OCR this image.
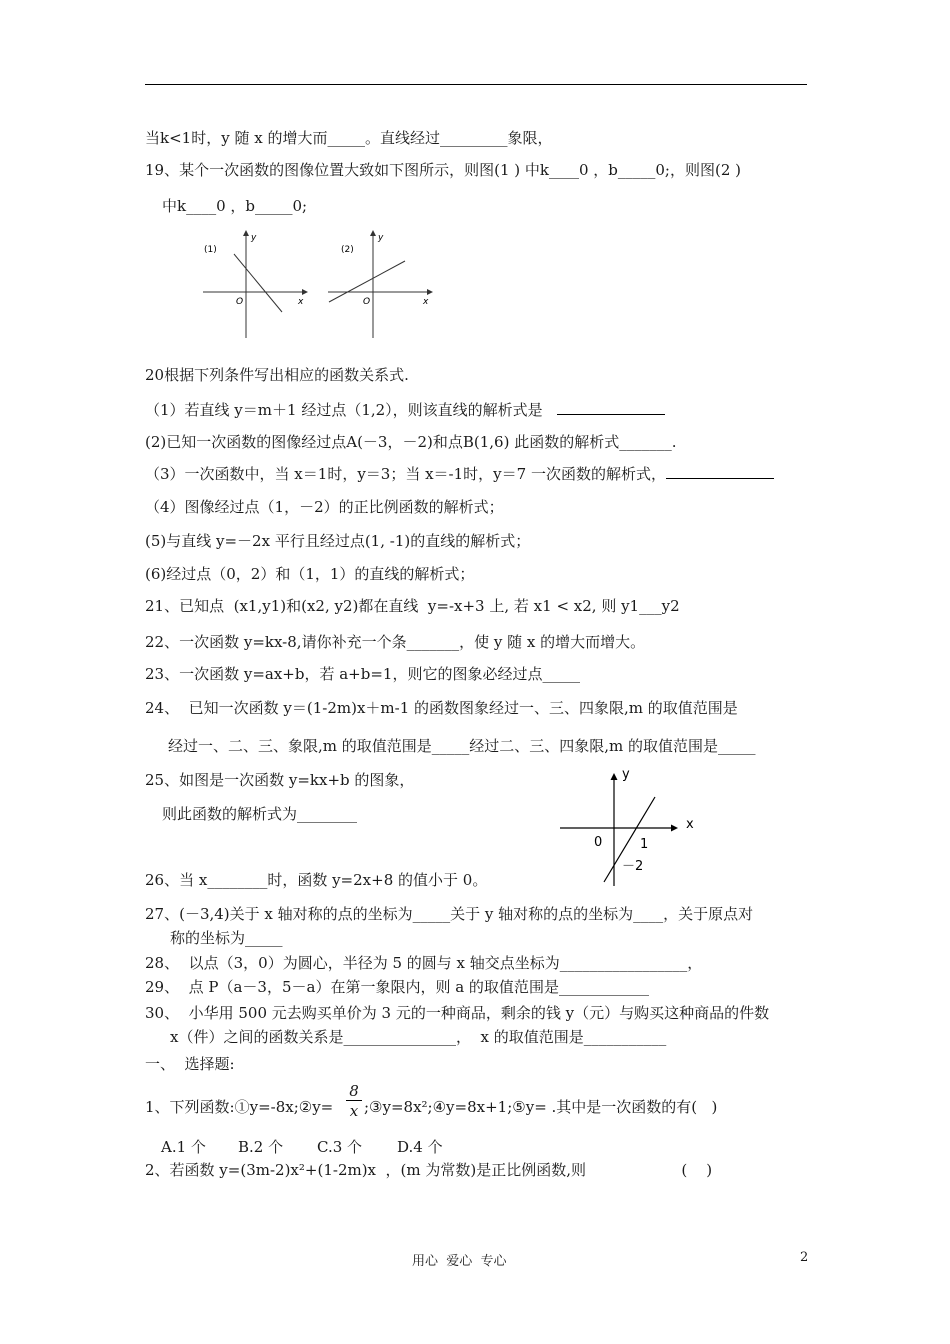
当k<1时，y 随 x 的增大而_____。直线经过_________象限，
19、某个一次函数的图像位置大致如下图所示，则图(1 ) 中k____0 ，b_____0;，则图(2 )
中k____0 ，b_____0;
(1)
y
x
O
(2)
y
x
O
20根据下列条件写出相应的函数关系式.
（1）若直线 y＝m＋1 经过点（1,2），则该直线的解析式是
(2)已知一次函数的图像经过点A(－3，－2)和点B(1,6) 此函数的解析式_______.
（3）一次函数中，当 x＝1时，y＝3；当 x＝-1时，y＝7 一次函数的解析式，
（4）图像经过点（1，－2）的正比例函数的解析式；
(5)与直线 y=－2x 平行且经过点(1, -1)的直线的解析式；
(6)经过点（0，2）和（1，1）的直线的解析式；
21、已知点  (x1,y1)和(x2, y2)都在直线  y=-x+3 上, 若 x1 < x2, 则 y1___y2
22、一次函数 y=kx-8,请你补充一个条_______，使 y 随 x 的增大而增大。
23、一次函数 y=ax+b，若 a+b=1，则它的图象必经过点_____
24、  已知一次函数 y＝(1-2m)x＋m-1 的函数图象经过一、三、四象限,m 的取值范围是
经过一、二、三、象限,m 的取值范围是_____经过二、三、四象限,m 的取值范围是_____
25、如图是一次函数 y=kx+b 的图象，
则此函数的解析式为________
y
x
0	1
－2
26、当 x________时，函数 y=2x+8 的值小于 0。
27、(－3,4)关于 x 轴对称的点的坐标为_____关于 y 轴对称的点的坐标为____，关于原点对
称的坐标为_____
28、  以点（3，0）为圆心，半径为 5 的圆与 x 轴交点坐标为_________________，
29、  点 P（a－3，5－a）在第一象限内，则 a 的取值范围是____________
30、  小华用 500 元去购买单价为 3 元的一种商品，剩余的钱 y（元）与购买这种商品的件数
x（件）之间的函数关系是_______________，  x 的取值范围是___________
一、  选择题:
1、下列函数:①y=-8x;②y=
8
x ;③y=8x²;④y=8x+1;⑤y= .其中是一次函数的有(   )
A.1 个 B.2 个 C.3 个 D.4 个
2、若函数 y=(3m-2)x²+(1-2m)x  ，(m 为常数)是正比例函数,则                    (    )
用心  爱心  专心	2
